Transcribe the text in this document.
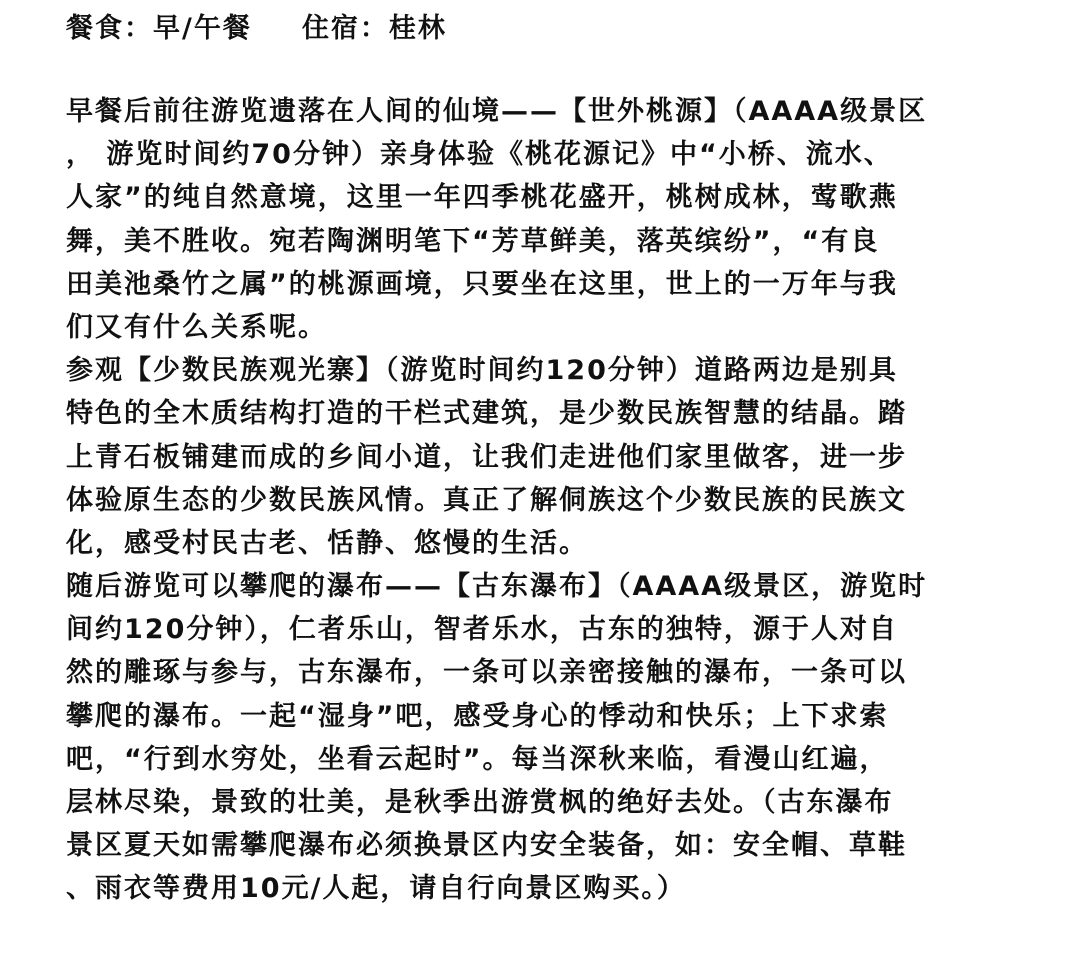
餐食：早/午餐 住宿：桂林
早餐后前往游览遗落在人间的仙境——【世外桃源】（AAAA级景区
， 游览时间约70分钟）亲身体验《桃花源记》中“小桥、流水、
人家”的纯自然意境，这里一年四季桃花盛开，桃树成林，莺歌燕
舞，美不胜收。宛若陶渊明笔下“芳草鲜美，落英缤纷”，“有良
田美池桑竹之属”的桃源画境，只要坐在这里，世上的一万年与我
们又有什么关系呢。
参观【少数民族观光寨】（游览时间约120分钟）道路两边是别具
特色的全木质结构打造的干栏式建筑，是少数民族智慧的结晶。踏
上青石板铺建而成的乡间小道，让我们走进他们家里做客，进一步
体验原生态的少数民族风情。真正了解侗族这个少数民族的民族文
化，感受村民古老、恬静、悠慢的生活。
随后游览可以攀爬的瀑布——【古东瀑布】（AAAA级景区，游览时
间约120分钟），仁者乐山，智者乐水，古东的独特，源于人对自
然的雕琢与参与，古东瀑布，一条可以亲密接触的瀑布，一条可以
攀爬的瀑布。一起“湿身”吧，感受身心的悸动和快乐；上下求索
吧，“行到水穷处，坐看云起时”。每当深秋来临，看漫山红遍，
层林尽染，景致的壮美，是秋季出游赏枫的绝好去处。（古东瀑布
景区夏天如需攀爬瀑布必须换景区内安全装备，如：安全帽、草鞋
、雨衣等费用10元/人起，请自行向景区购买。）
